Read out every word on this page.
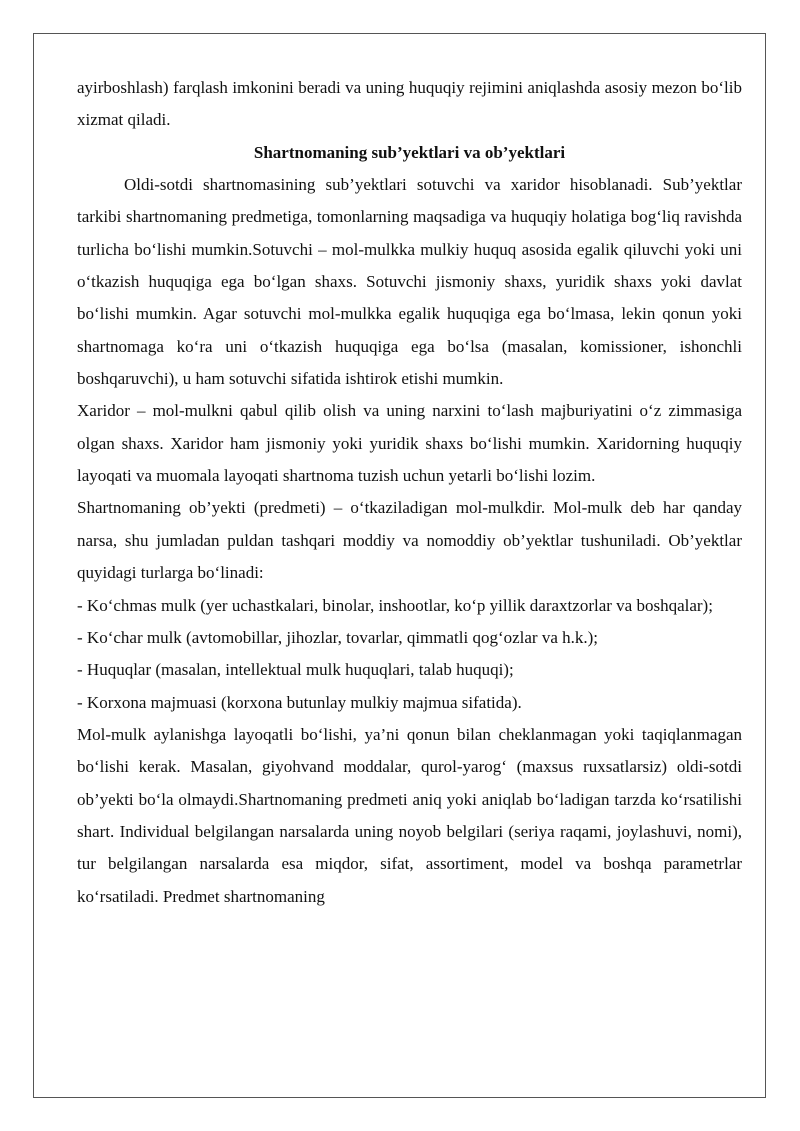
ayirboshlash) farqlash imkonini beradi va uning huquqiy rejimini aniqlashda asosiy mezon bo‘lib xizmat qiladi.

Shartnomaning sub’yektlari va ob’yektlari

Oldi-sotdi shartnomasining sub’yektlari sotuvchi va xaridor hisoblanadi. Sub’yektlar tarkibi shartnomaning predmetiga, tomonlarning maqsadiga va huquqiy holatiga bog‘liq ravishda turlicha bo‘lishi mumkin.Sotuvchi – mol-mulkka mulkiy huquq asosida egalik qiluvchi yoki uni o‘tkazish huquqiga ega bo‘lgan shaxs. Sotuvchi jismoniy shaxs, yuridik shaxs yoki davlat bo‘lishi mumkin. Agar sotuvchi mol-mulkka egalik huquqiga ega bo‘lmasa, lekin qonun yoki shartnomaga ko‘ra uni o‘tkazish huquqiga ega bo‘lsa (masalan, komissioner, ishonchli boshqaruvchi), u ham sotuvchi sifatida ishtirok etishi mumkin.

Xaridor – mol-mulkni qabul qilib olish va uning narxini to‘lash majburiyatini o‘z zimmasiga olgan shaxs. Xaridor ham jismoniy yoki yuridik shaxs bo‘lishi mumkin. Xaridorning huquqiy layoqati va muomala layoqati shartnoma tuzish uchun yetarli bo‘lishi lozim.

Shartnomaning ob’yekti (predmeti) – o‘tkaziladigan mol-mulkdir. Mol-mulk deb har qanday narsa, shu jumladan puldan tashqari moddiy va nomoddiy ob’yektlar tushuniladi. Ob’yektlar quyidagi turlarga bo‘linadi:

- Ko‘chmas mulk (yer uchastkalari, binolar, inshootlar, ko‘p yillik daraxtzorlar va boshqalar);

- Ko‘char mulk (avtomobillar, jihozlar, tovarlar, qimmatli qog‘ozlar va h.k.);

- Huquqlar (masalan, intellektual mulk huquqlari, talab huquqi);

- Korxona majmuasi (korxona butunlay mulkiy majmua sifatida).

Mol-mulk aylanishga layoqatli bo‘lishi, ya’ni qonun bilan cheklanmagan yoki taqiqlanmagan bo‘lishi kerak. Masalan, giyohvand moddalar, qurol-yarog‘ (maxsus ruxsatlarsiz) oldi-sotdi ob’yekti bo‘la olmaydi.Shartnomaning predmeti aniq yoki aniqlab bo‘ladigan tarzda ko‘rsatilishi shart. Individual belgilangan narsalarda uning noyob belgilari (seriya raqami, joylashuvi, nomi), tur belgilangan narsalarda esa miqdor, sifat, assortiment, model va boshqa parametrlar ko‘rsatiladi. Predmet shartnomaning
